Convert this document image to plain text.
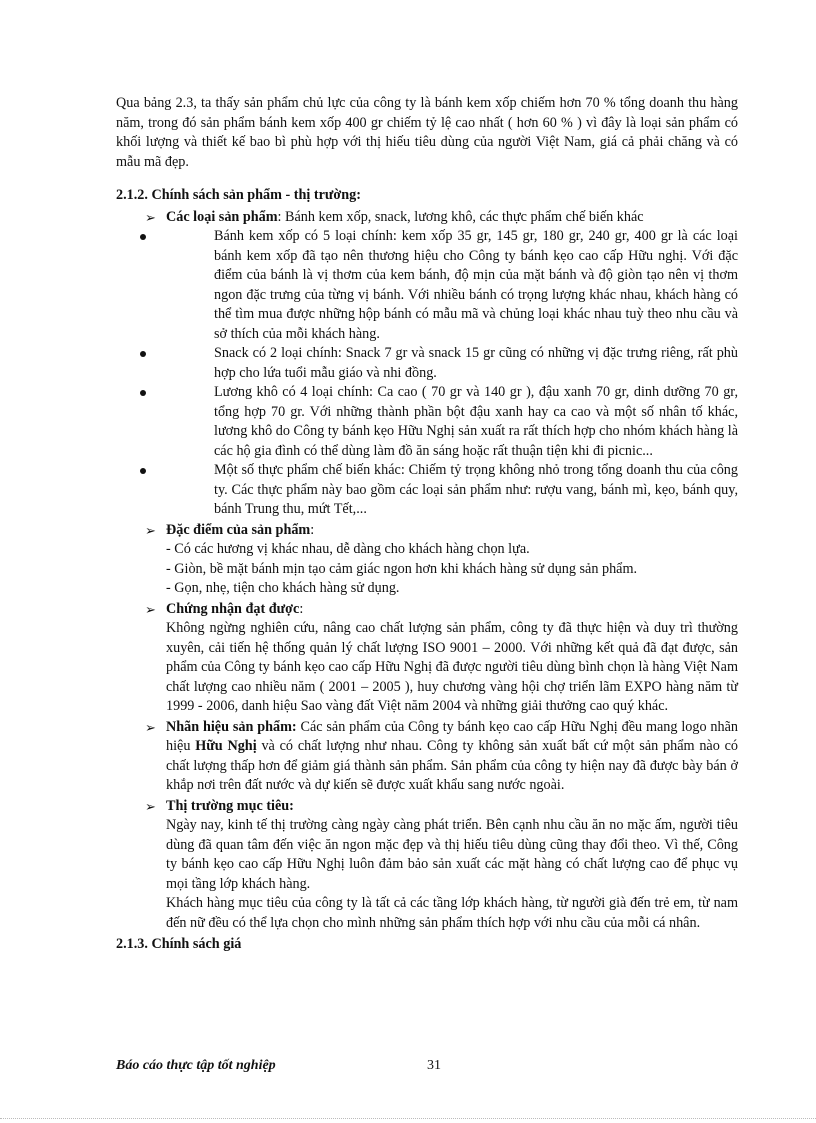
Qua bảng 2.3, ta thấy sản phẩm chủ lực của công ty là bánh kem xốp chiếm hơn 70 % tổng doanh thu hàng năm, trong đó sản phẩm bánh kem xốp 400 gr chiếm tỷ lệ cao nhất ( hơn 60 % ) vì đây là loại sản phẩm có khối lượng và thiết kế bao bì phù hợp với thị hiếu tiêu dùng của người Việt Nam, giá cả phải chăng và có mẫu mã đẹp.

2.1.2. Chính sách sản phẩm - thị trường:

➢ Các loại sản phẩm: Bánh kem xốp, snack, lương khô, các thực phẩm chế biến khác

Bánh kem xốp có 5 loại chính: kem xốp 35 gr, 145 gr, 180 gr, 240 gr, 400 gr là các loại bánh kem xốp đã tạo nên thương hiệu cho Công ty bánh kẹo cao cấp Hữu nghị. Với đặc điểm của bánh là vị thơm của kem bánh, độ mịn của mặt bánh và độ giòn tạo nên vị thơm ngon đặc trưng của từng vị bánh. Với nhiều bánh có trọng lượng khác nhau, khách hàng có thể tìm mua được những hộp bánh có mẫu mã và chủng loại khác nhau tuỳ theo nhu cầu và sở thích của mỗi khách hàng.
Snack có 2 loại chính: Snack 7 gr và snack 15 gr cũng có những vị đặc trưng riêng, rất phù hợp cho lứa tuổi mẫu giáo và nhi đồng.
Lương khô có 4 loại chính: Ca cao ( 70 gr và 140 gr ), đậu xanh 70 gr, dinh dưỡng 70 gr, tổng hợp 70 gr. Với những thành phần bột đậu xanh hay ca cao và một số nhân tố khác, lương khô do Công ty bánh kẹo Hữu Nghị sản xuất ra rất thích hợp cho nhóm khách hàng là các hộ gia đình có thể dùng làm đồ ăn sáng hoặc rất thuận tiện khi đi picnic...
Một số thực phẩm chế biến khác: Chiếm tỷ trọng không nhỏ trong tổng doanh thu của công ty. Các thực phẩm này bao gồm các loại sản phẩm như: rượu vang, bánh mì, kẹo, bánh quy, bánh Trung thu, mứt Tết,...
➢ Đặc điểm của sản phẩm:

- Có các hương vị khác nhau, dễ dàng cho khách hàng chọn lựa.
- Giòn, bề mặt bánh mịn tạo cảm giác ngon hơn khi khách hàng sử dụng sản phẩm.
- Gọn, nhẹ, tiện cho khách hàng sử dụng.
➢ Chứng nhận đạt được:

Không ngừng nghiên cứu, nâng cao chất lượng sản phẩm, công ty đã thực hiện và duy trì thường xuyên, cải tiến hệ thống quản lý chất lượng ISO 9001 – 2000. Với những kết quả đã đạt được, sản phẩm của Công ty bánh kẹo cao cấp Hữu Nghị đã được người tiêu dùng bình chọn là hàng Việt Nam chất lượng cao nhiều năm ( 2001 – 2005 ), huy chương vàng hội chợ triển lãm EXPO hàng năm từ 1999 - 2006, danh hiệu Sao vàng đất Việt năm 2004 và những giải thưởng cao quý khác.

➢ Nhãn hiệu sản phẩm: Các sản phẩm của Công ty bánh kẹo cao cấp Hữu Nghị đều mang logo nhãn hiệu Hữu Nghị và có chất lượng như nhau. Công ty không sản xuất bất cứ một sản phẩm nào có chất lượng thấp hơn để giảm giá thành sản phẩm. Sản phẩm của công ty hiện nay đã được bày bán ở khắp nơi trên đất nước và dự kiến sẽ được xuất khẩu sang nước ngoài.

➢ Thị trường mục tiêu:

Ngày nay, kinh tế thị trường càng ngày càng phát triển. Bên cạnh nhu cầu ăn no mặc ấm, người tiêu dùng đã quan tâm đến việc ăn ngon mặc đẹp và thị hiếu tiêu dùng cũng thay đổi theo. Vì thế, Công ty bánh kẹo cao cấp Hữu Nghị luôn đảm bảo sản xuất các mặt hàng có chất lượng cao để phục vụ mọi tầng lớp khách hàng.

Khách hàng mục tiêu của công ty là tất cả các tầng lớp khách hàng, từ người già đến trẻ em, từ nam đến nữ đều có thể lựa chọn cho mình những sản phẩm thích hợp với nhu cầu của mỗi cá nhân.

2.1.3. Chính sách giá

Báo cáo thực tập tốt nghiệp	31
